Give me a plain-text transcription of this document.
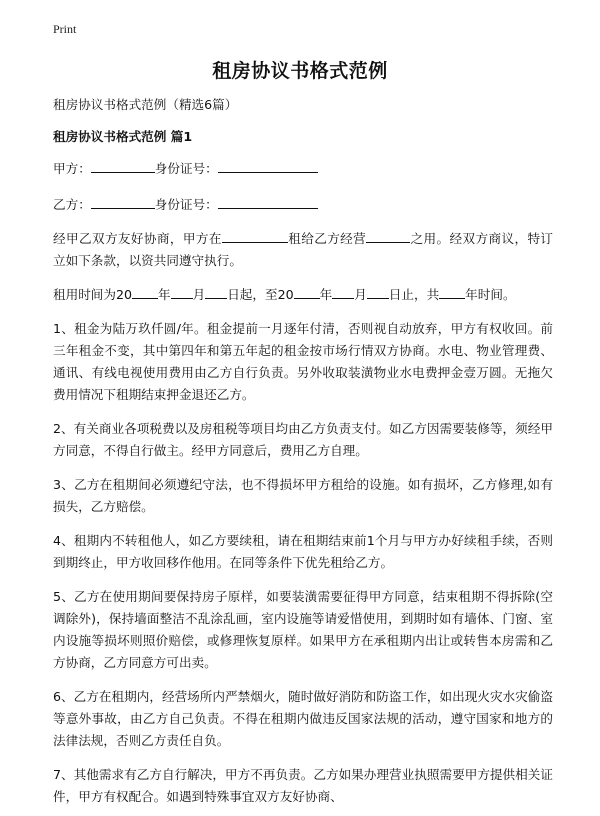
Print
租房协议书格式范例

租房协议书格式范例（精选6篇）

租房协议书格式范例 篇1

甲方：	身份证号：

乙方：	身份证号：

经甲乙双方友好协商，甲方在	租给乙方经营	之用。经双方商议，特订立如下条款，以资共同遵守执行。

租用时间为20 年 月 日起，至20 年 月 日止，共 年时间。

1、租金为陆万玖仟圆/年。租金提前一月逐年付清，否则视自动放弃，甲方有权收回。前三年租金不变，其中第四年和第五年起的租金按市场行情双方协商。水电、物业管理费、通讯、有线电视使用费用由乙方自行负责。另外收取装潢物业水电费押金壹万圆。无拖欠费用情况下租期结束押金退还乙方。

2、有关商业各项税费以及房租税等项目均由乙方负责支付。如乙方因需要装修等，须经甲方同意，不得自行做主。经甲方同意后，费用乙方自理。

3、乙方在租期间必须遵纪守法，也不得损坏甲方租给的设施。如有损坏，乙方修理,如有损失，乙方赔偿。

4、租期内不转租他人，如乙方要续租，请在租期结束前1个月与甲方办好续租手续，否则到期终止，甲方收回移作他用。在同等条件下优先租给乙方。

5、乙方在使用期间要保持房子原样，如要装潢需要征得甲方同意，结束租期不得拆除(空调除外)，保持墙面整洁不乱涂乱画，室内设施等请爱惜使用，到期时如有墙体、门窗、室内设施等损坏则照价赔偿，或修理恢复原样。如果甲方在承租期内出让或转售本房需和乙方协商，乙方同意方可出卖。

6、乙方在租期内，经营场所内严禁烟火，随时做好消防和防盗工作，如出现火灾水灾偷盗等意外事故，由乙方自己负责。不得在租期内做违反国家法规的活动，遵守国家和地方的法律法规，否则乙方责任自负。

7、其他需求有乙方自行解决，甲方不再负责。乙方如果办理营业执照需要甲方提供相关证件，甲方有权配合。如遇到特殊事宜双方友好协商、
